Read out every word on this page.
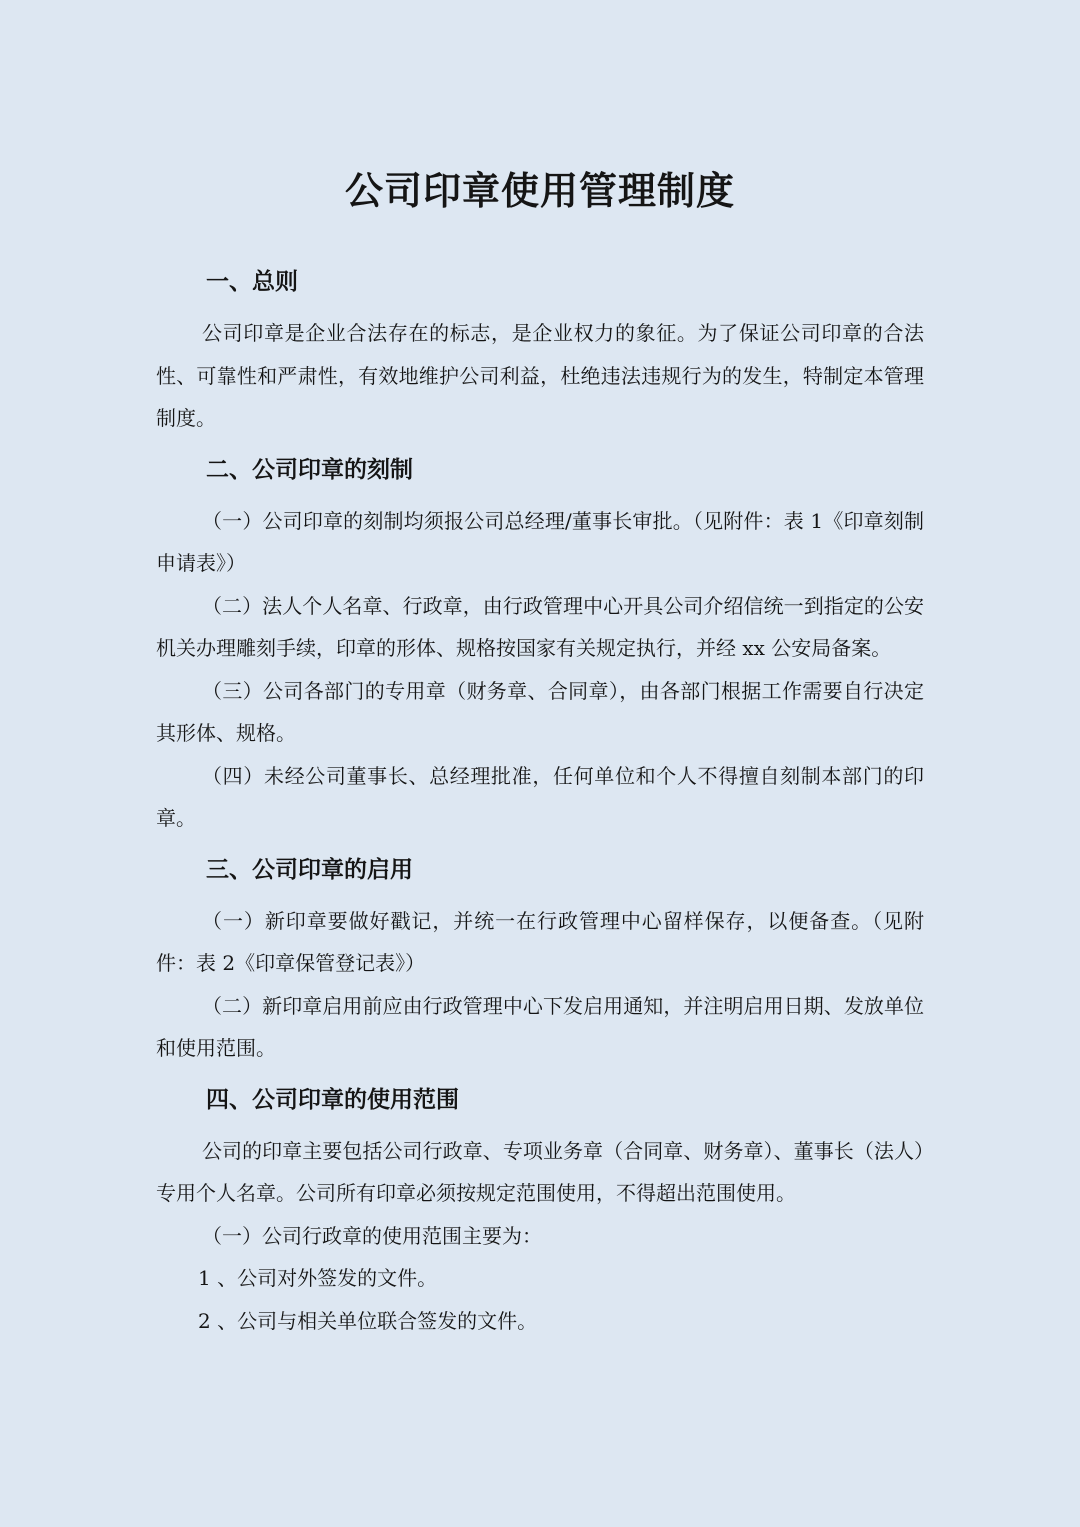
公司印章使用管理制度
一、总则

公司印章是企业合法存在的标志，是企业权力的象征。为了保证公司印章的合法性、可靠性和严肃性，有效地维护公司利益，杜绝违法违规行为的发生，特制定本管理制度。

二、公司印章的刻制

（一）公司印章的刻制均须报公司总经理/董事长审批。（见附件：表 1《印章刻制申请表》）

（二）法人个人名章、行政章，由行政管理中心开具公司介绍信统一到指定的公安机关办理雕刻手续，印章的形体、规格按国家有关规定执行，并经 xx 公安局备案。

（三）公司各部门的专用章（财务章、合同章），由各部门根据工作需要自行决定其形体、规格。

（四）未经公司董事长、总经理批准，任何单位和个人不得擅自刻制本部门的印章。

三、公司印章的启用

（一）新印章要做好戳记，并统一在行政管理中心留样保存，以便备查。（见附件：表 2《印章保管登记表》）

（二）新印章启用前应由行政管理中心下发启用通知，并注明启用日期、发放单位和使用范围。

四、公司印章的使用范围

公司的印章主要包括公司行政章、专项业务章（合同章、财务章）、董事长（法人）专用个人名章。公司所有印章必须按规定范围使用，不得超出范围使用。

（一）公司行政章的使用范围主要为：

1 、公司对外签发的文件。

2 、公司与相关单位联合签发的文件。
